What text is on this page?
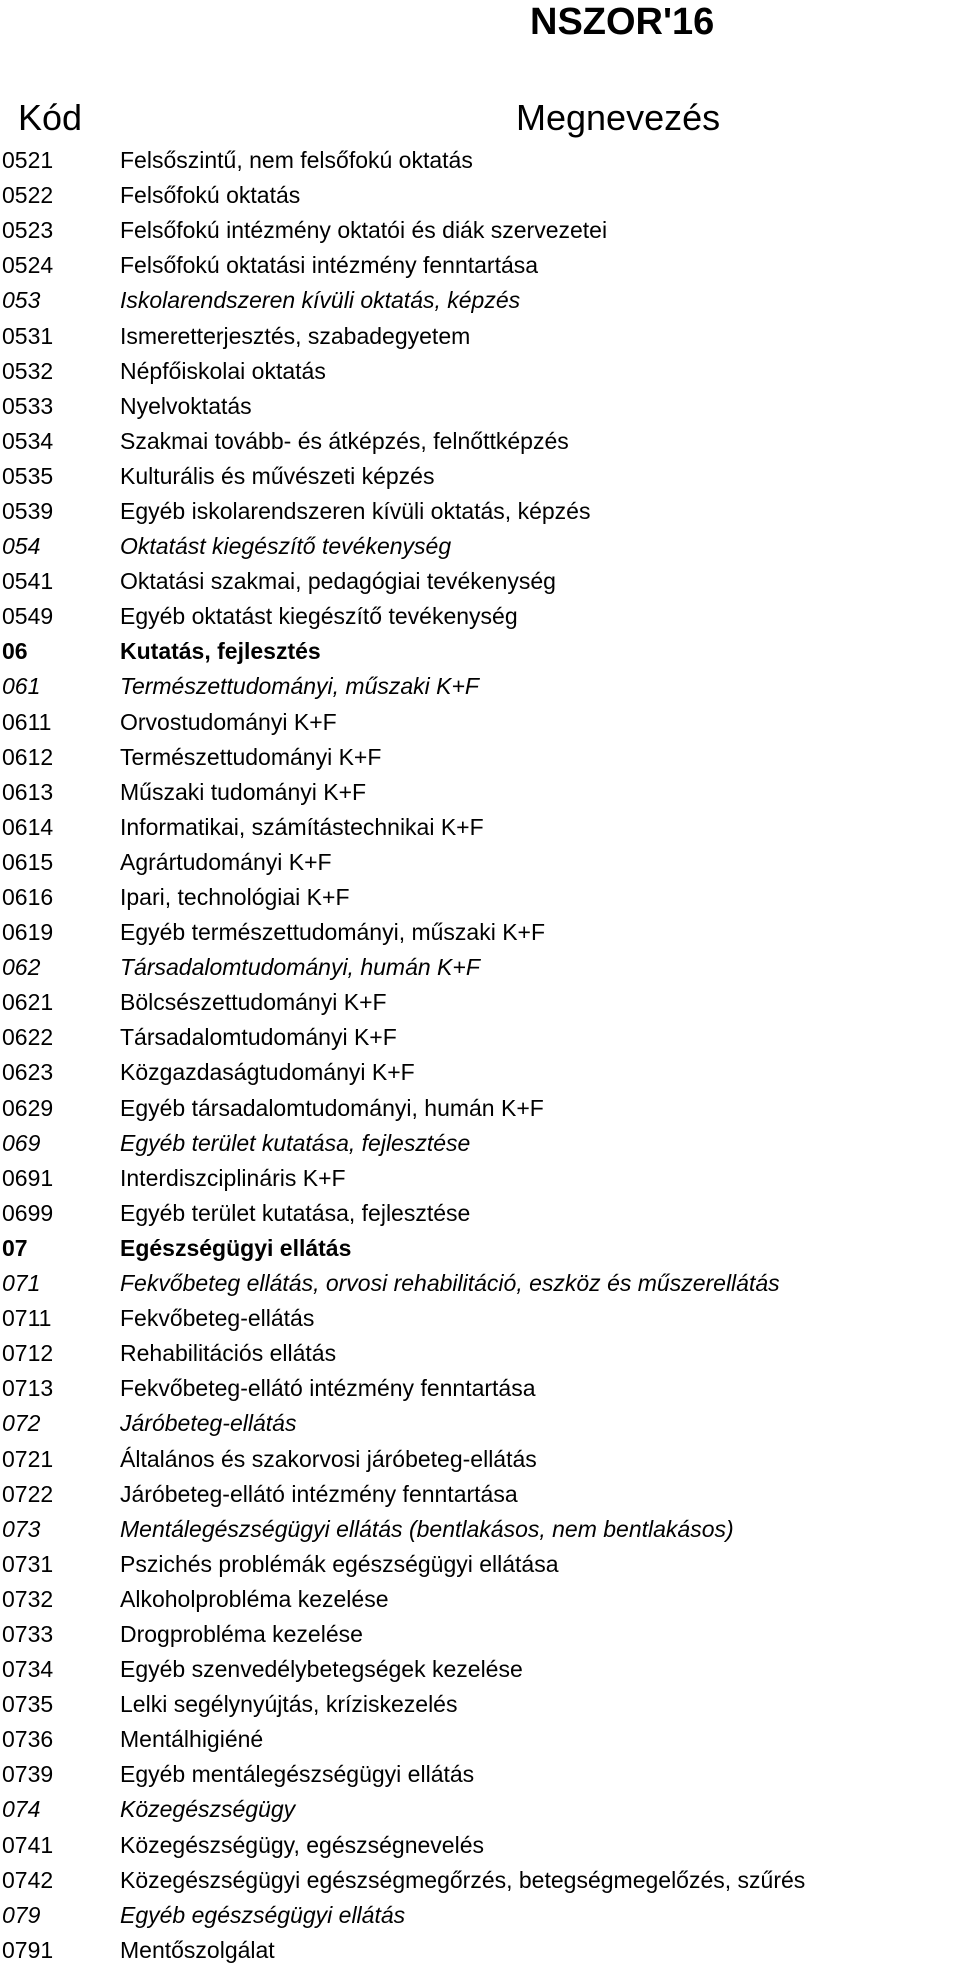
NSZOR'16
Kód	Megnevezés
0521	Felsőszintű, nem felsőfokú oktatás
0522	Felsőfokú oktatás
0523	Felsőfokú intézmény oktatói és diák szervezetei
0524	Felsőfokú oktatási intézmény fenntartása
053	Iskolarendszeren kívüli oktatás, képzés
0531	Ismeretterjesztés, szabadegyetem
0532	Népfőiskolai oktatás
0533	Nyelvoktatás
0534	Szakmai tovább- és átképzés, felnőttképzés
0535	Kulturális és művészeti képzés
0539	Egyéb iskolarendszeren kívüli oktatás, képzés
054	Oktatást kiegészítő tevékenység
0541	Oktatási szakmai, pedagógiai tevékenység
0549	Egyéb oktatást kiegészítő tevékenység
06	Kutatás, fejlesztés
061	Természettudományi, műszaki K+F
0611	Orvostudományi K+F
0612	Természettudományi K+F
0613	Műszaki tudományi K+F
0614	Informatikai, számítástechnikai K+F
0615	Agrártudományi K+F
0616	Ipari, technológiai K+F
0619	Egyéb természettudományi, műszaki K+F
062	Társadalomtudományi, humán K+F
0621	Bölcsészettudományi K+F
0622	Társadalomtudományi K+F
0623	Közgazdaságtudományi K+F
0629	Egyéb társadalomtudományi, humán K+F
069	Egyéb terület kutatása, fejlesztése
0691	Interdiszciplináris K+F
0699	Egyéb terület kutatása, fejlesztése
07	Egészségügyi ellátás
071	Fekvőbeteg ellátás, orvosi rehabilitáció, eszköz és műszerellátás
0711	Fekvőbeteg-ellátás
0712	Rehabilitációs ellátás
0713	Fekvőbeteg-ellátó intézmény fenntartása
072	Járóbeteg-ellátás
0721	Általános és szakorvosi járóbeteg-ellátás
0722	Járóbeteg-ellátó intézmény fenntartása
073	Mentálegészségügyi ellátás (bentlakásos, nem bentlakásos)
0731	Pszichés problémák egészségügyi ellátása
0732	Alkoholprobléma kezelése
0733	Drogprobléma kezelése
0734	Egyéb szenvedélybetegségek kezelése
0735	Lelki segélynyújtás, kríziskezelés
0736	Mentálhigiéné
0739	Egyéb mentálegészségügyi ellátás
074	Közegészségügy
0741	Közegészségügy, egészségnevelés
0742	Közegészségügyi egészségmegőrzés, betegségmegelőzés, szűrés
079	Egyéb egészségügyi ellátás
0791	Mentőszolgálat
